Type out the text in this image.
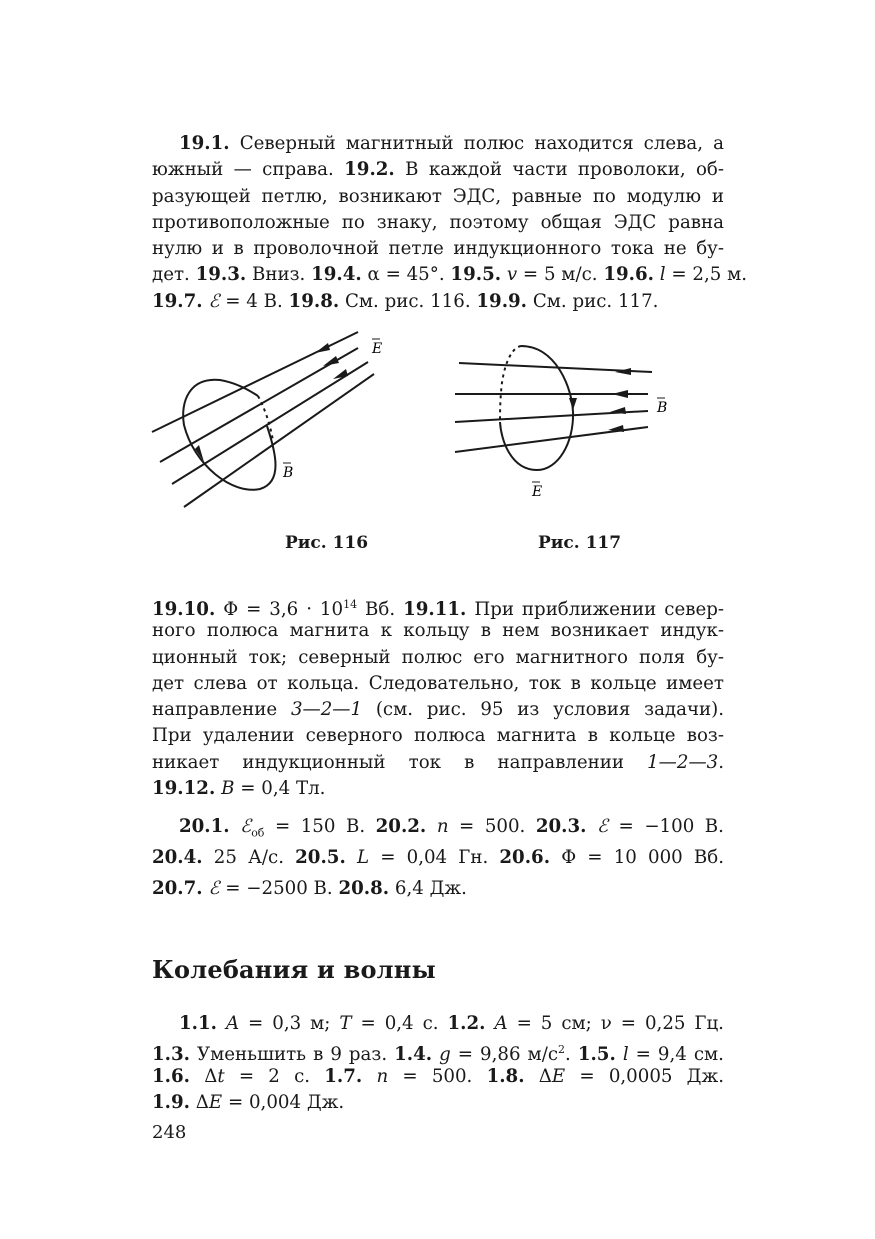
19.1. Северный магнитный полюс находится слева, а
южный — справа. 19.2. В каждой части проволоки, об-
разующей петлю, возникают ЭДС, равные по модулю и
противоположные по знаку, поэтому общая ЭДС равна
нулю и в проволочной петле индукционного тока не бу-
дет. 19.3. Вниз. 19.4. α = 45°. 19.5. v = 5 м/с. 19.6. l = 2,5 м.
19.7. ℰ = 4 В. 19.8. См. рис. 116. 19.9. См. рис. 117.
E
B
B
E
Рис. 116	Рис. 117
19.10. $\Phi = 3,6 \cdot 10^{14}$ Вб. 19.11. При приближении север-
ного полюса магнита к кольцу в нем возникает индук-
ционный ток; северный полюс его магнитного поля бу-
дет слева от кольца. Следовательно, ток в кольце имеет
направление 3—2—1 (см. рис. 95 из условия задачи).
При удалении северного полюса магнита в кольце воз-
никает индукционный ток в направлении 1—2—3.
19.12. B = 0,4 Тл.
20.1. ℰ$_{об}$ = 150 В. 20.2. n = 500. 20.3. ℰ = −100 В.
20.4. 25 А/с. 20.5. L = 0,04 Гн. 20.6. Φ = 10 000 Вб.
20.7. ℰ = −2500 В. 20.8. 6,4 Дж.
Колебания и волны
1.1. A = 0,3 м; T = 0,4 с. 1.2. A = 5 см; ν = 0,25 Гц.
1.3. Уменьшить в 9 раз. 1.4. g = 9,86 $м/с^2$. 1.5. l = 9,4 см.
1.6. Δt = 2 с. 1.7. n = 500. 1.8. ΔE = 0,0005 Дж.
1.9. ΔE = 0,004 Дж.
248
